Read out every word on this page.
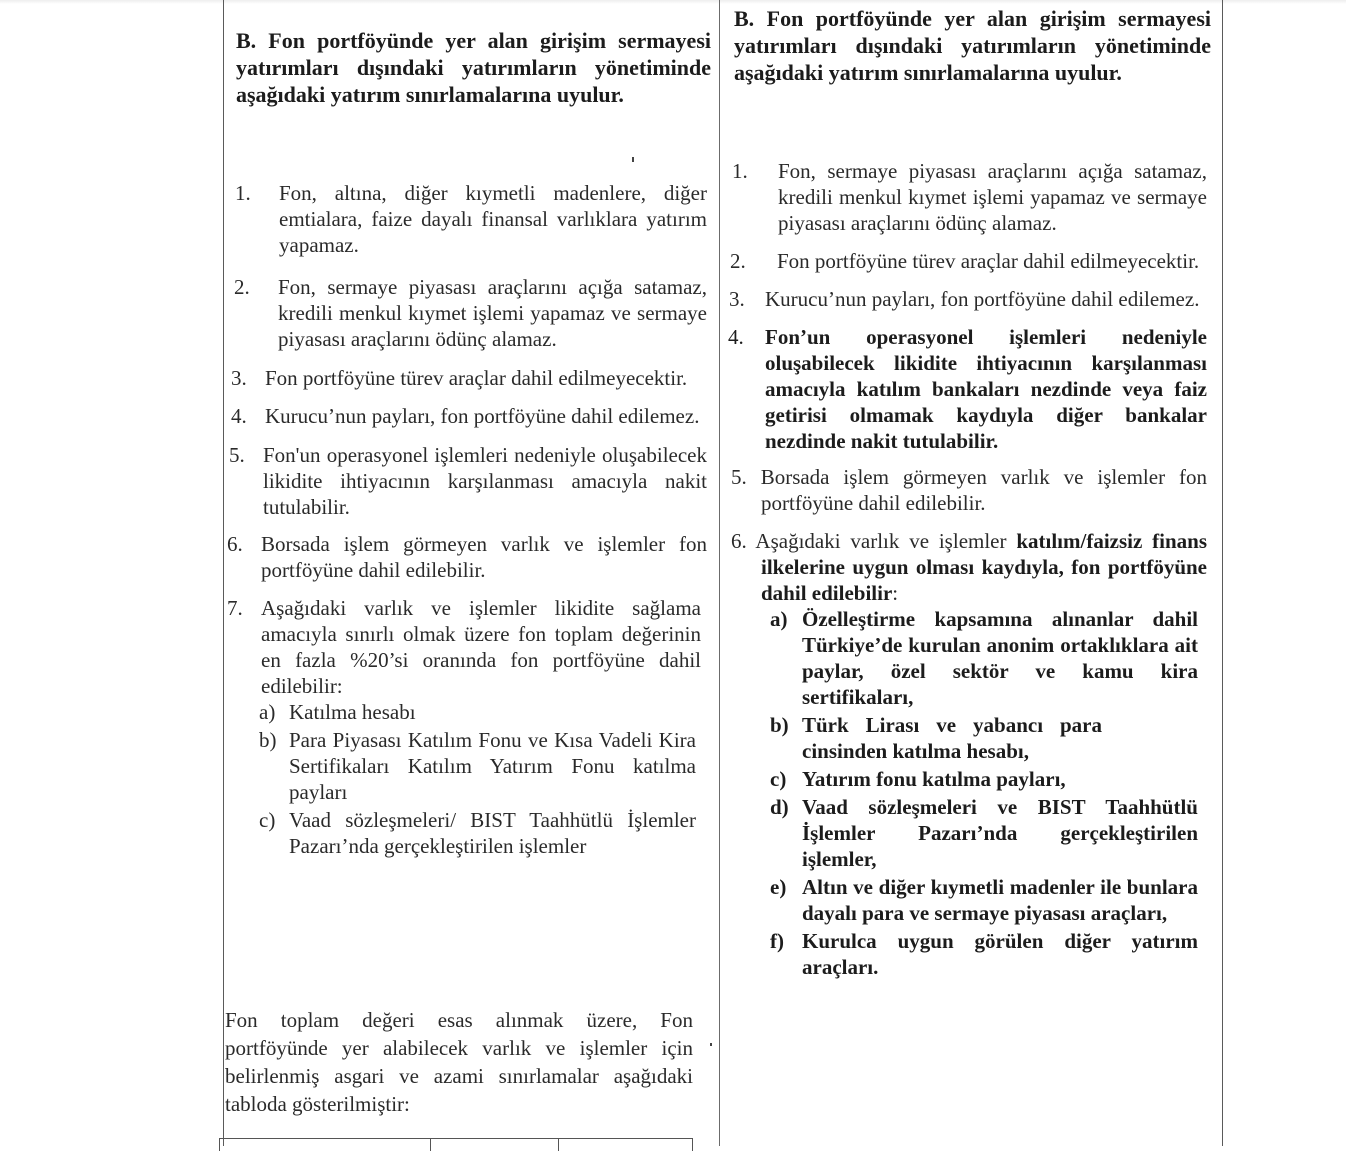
B. Fon portföyünde yer alan girişim sermayesi yatırımları dışındaki yatırımların yönetiminde aşağıdaki yatırım sınırlamalarına uyulur.

1. Fon, altına, diğer kıymetli madenlere, diğer emtialara, faize dayalı finansal varlıklara yatırım yapamaz.
2. Fon, sermaye piyasası araçlarını açığa satamaz, kredili menkul kıymet işlemi yapamaz ve sermaye piyasası araçlarını ödünç alamaz.
3. Fon portföyüne türev araçlar dahil edilmeyecektir.
4. Kurucu’nun payları, fon portföyüne dahil edilemez.
5. Fon'un operasyonel işlemleri nedeniyle oluşabilecek likidite ihtiyacının karşılanması amacıyla nakit tutulabilir.
6. Borsada işlem görmeyen varlık ve işlemler fon portföyüne dahil edilebilir.
7. Aşağıdaki varlık ve işlemler likidite sağlama amacıyla sınırlı olmak üzere fon toplam değerinin en fazla %20’si oranında fon portföyüne dahil edilebilir:
a) Katılma hesabı
b) Para Piyasası Katılım Fonu ve Kısa Vadeli Kira Sertifikaları Katılım Yatırım Fonu katılma payları
c) Vaad sözleşmeleri/ BIST Taahhütlü İşlemler Pazarı’nda gerçekleştirilen işlemler

Fon toplam değeri esas alınmak üzere, Fon portföyünde yer alabilecek varlık ve işlemler için belirlenmiş asgari ve azami sınırlamalar aşağıdaki tabloda gösterilmiştir:

B. Fon portföyünde yer alan girişim sermayesi yatırımları dışındaki yatırımların yönetiminde aşağıdaki yatırım sınırlamalarına uyulur.

1. Fon, sermaye piyasası araçlarını açığa satamaz, kredili menkul kıymet işlemi yapamaz ve sermaye piyasası araçlarını ödünç alamaz.
2.	Fon portföyüne türev araçlar dahil edilmeyecektir.
3. Kurucu’nun payları, fon portföyüne dahil edilemez.
4. Fon’un operasyonel işlemleri nedeniyle oluşabilecek likidite ihtiyacının karşılanması amacıyla katılım bankaları nezdinde veya faiz getirisi olmamak kaydıyla diğer bankalar nezdinde nakit tutulabilir.
5. Borsada işlem görmeyen varlık ve işlemler fon portföyüne dahil edilebilir.
6. Aşağıdaki varlık ve işlemler katılım/faizsiz finans ilkelerine uygun olması kaydıyla, fon portföyüne dahil edilebilir:
a) Özelleştirme kapsamına alınanlar dahil Türkiye’de kurulan anonim ortaklıklara ait paylar, özel sektör ve kamu kira sertifikaları,
b) Türk Lirası ve yabancı para cinsinden katılma hesabı,
c) Yatırım fonu katılma payları,
d) Vaad sözleşmeleri ve BIST Taahhütlü İşlemler Pazarı’nda gerçekleştirilen işlemler,
e) Altın ve diğer kıymetli madenler ile bunlara dayalı para ve sermaye piyasası araçları,
f) Kurulca uygun görülen diğer yatırım araçları.
